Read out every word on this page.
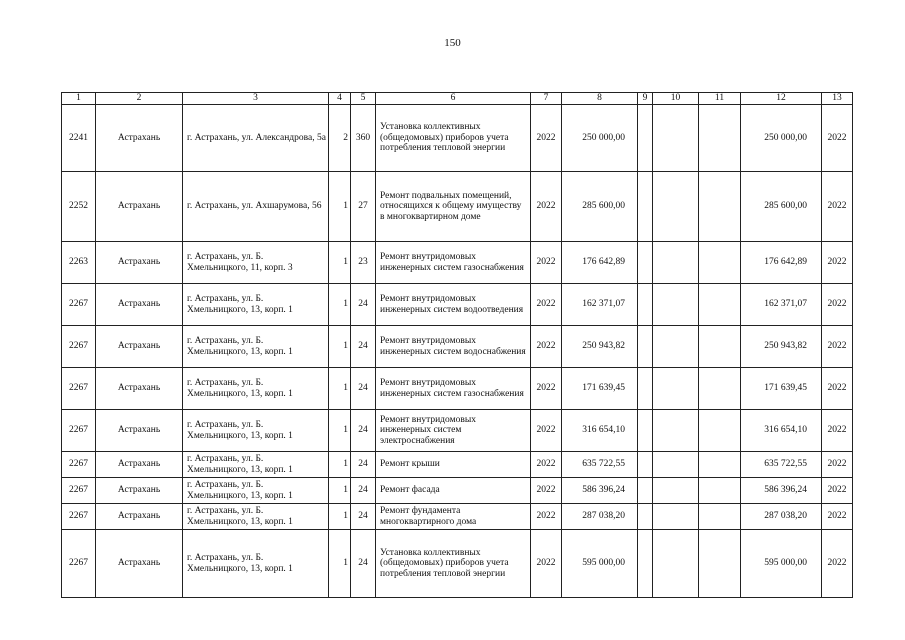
150
1	2	3	4	5	6	7	8	9	10	11	12	13
2241	Астрахань	г. Астрахань, ул. Александрова, 5а	2	360	Установка коллективных (общедомовых) приборов учета потребления тепловой энергии	2022	250 000,00				250 000,00	2022
2252	Астрахань	г. Астрахань, ул. Ахшарумова, 56	1	27	Ремонт подвальных помещений, относящихся к общему имуществу в многоквартирном доме	2022	285 600,00				285 600,00	2022
2263	Астрахань	г. Астрахань, ул. Б. Хмельницкого, 11, корп. 3	1	23	Ремонт внутридомовых инженерных систем газоснабжения	2022	176 642,89				176 642,89	2022
2267	Астрахань	г. Астрахань, ул. Б. Хмельницкого, 13, корп. 1	1	24	Ремонт внутридомовых инженерных систем водоотведения	2022	162 371,07				162 371,07	2022
2267	Астрахань	г. Астрахань, ул. Б. Хмельницкого, 13, корп. 1	1	24	Ремонт внутридомовых инженерных систем водоснабжения	2022	250 943,82				250 943,82	2022
2267	Астрахань	г. Астрахань, ул. Б. Хмельницкого, 13, корп. 1	1	24	Ремонт внутридомовых инженерных систем газоснабжения	2022	171 639,45				171 639,45	2022
2267	Астрахань	г. Астрахань, ул. Б. Хмельницкого, 13, корп. 1	1	24	Ремонт внутридомовых инженерных систем электроснабжения	2022	316 654,10				316 654,10	2022
2267	Астрахань	г. Астрахань, ул. Б. Хмельницкого, 13, корп. 1	1	24	Ремонт крыши	2022	635 722,55				635 722,55	2022
2267	Астрахань	г. Астрахань, ул. Б. Хмельницкого, 13, корп. 1	1	24	Ремонт фасада	2022	586 396,24				586 396,24	2022
2267	Астрахань	г. Астрахань, ул. Б. Хмельницкого, 13, корп. 1	1	24	Ремонт фундамента многоквартирного дома	2022	287 038,20				287 038,20	2022
2267	Астрахань	г. Астрахань, ул. Б. Хмельницкого, 13, корп. 1	1	24	Установка коллективных (общедомовых) приборов учета потребления тепловой энергии	2022	595 000,00				595 000,00	2022
